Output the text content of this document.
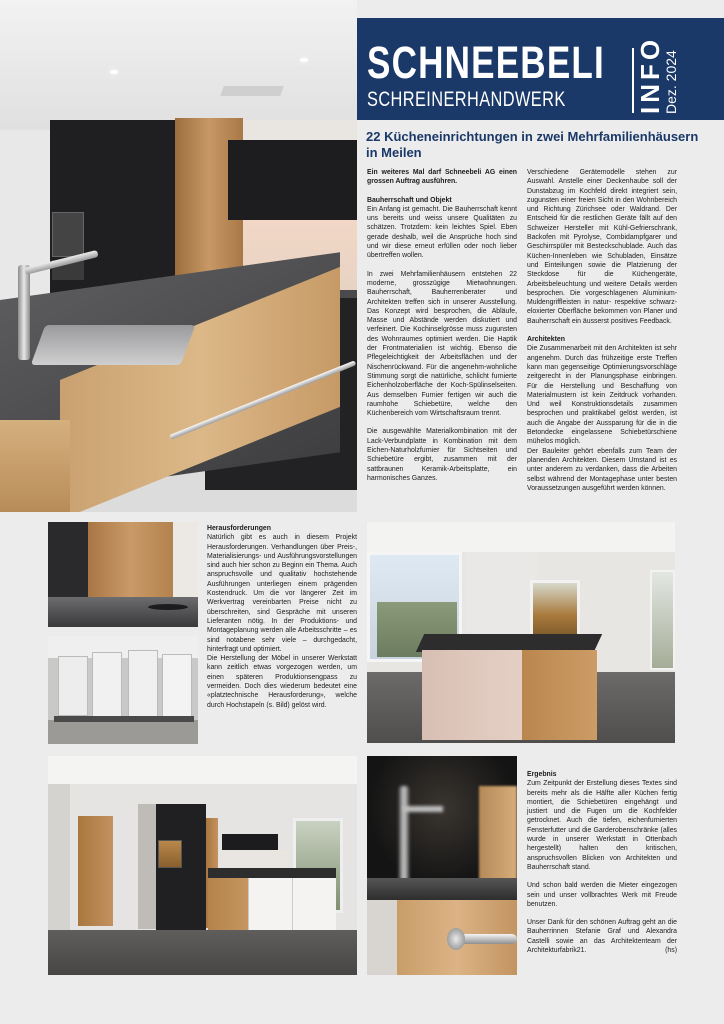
SCHNEEBELI
SCHREINERHANDWERK	INFO
Dez. 2024
22 Kücheneinrichtungen in zwei Mehrfamilienhäusern in Meilen

Ein weiteres Mal darf Schneebeli AG einen grossen Auftrag ausführen.

Bauherrschaft und Objekt
Ein Anfang ist gemacht. Die Bauherrschaft kennt uns bereits und weiss unsere Qualitäten zu schätzen. Trotzdem: kein leichtes Spiel. Eben gerade deshalb, weil die Ansprüche hoch sind und wir diese erneut erfüllen oder noch lieber übertreffen wollen.

In zwei Mehrfamilienhäusern entstehen 22 moderne, grosszügige Mietwohnungen. Bauherrschaft, Bauherrenberater und Architekten treffen sich in unserer Ausstellung. Das Konzept wird besprochen, die Abläufe, Masse und Abstände werden diskutiert und verfeinert. Die Kochinselgrösse muss zugunsten des Wohnraumes optimiert werden. Die Haptik der Frontmaterialien ist wichtig. Ebenso die Pflegeleichtigkeit der Arbeitsflächen und der Nischenrückwand. Für die angenehm-wohnliche Stimmung sorgt die natürliche, schlicht furnierte Eichenholzoberfläche der Koch-Spülinselseiten. Aus demselben Furnier fertigen wir auch die raumhohe Schiebetüre, welche den Küchenbereich vom Wirtschaftsraum trennt.

Die ausgewählte Materialkombination mit der Lack-Verbundplatte in Kombination mit dem Eichen-Naturholzfurnier für Sichtseiten und Schiebetüre ergibt, zusammen mit der sattbraunen Keramik-Arbeitsplatte, ein harmonisches Ganzes.

Verschiedene Gerätemodelle stehen zur Auswahl. Anstelle einer Deckenhaube soll der Dunstabzug im Kochfeld direkt integriert sein, zugunsten einer freien Sicht in den Wohnbereich und Richtung Zürichsee oder Waldrand. Der Entscheid für die restlichen Geräte fällt auf den Schweizer Hersteller mit Kühl-Gefrierschrank, Backofen mit Pyrolyse, Combidampfgarer und Geschirrspüler mit Besteckschublade. Auch das Küchen-Innenleben wie Schubladen, Einsätze und Einteilungen sowie die Platzierung der Steckdose für die Küchengeräte, Arbeitsbeleuchtung und weitere Details werden besprochen. Die vorgeschlagenen Aluminium-Muldengriffleisten in natur- respektive schwarz-eloxierter Oberfläche bekommen von Planer und Bauherrschaft ein äusserst positives Feedback.

Architekten
Die Zusammenarbeit mit den Architekten ist sehr angenehm. Durch das frühzeitige erste Treffen kann man gegenseitige Optimierungsvorschläge zeitgerecht in der Planungsphase einbringen. Für die Herstellung und Beschaffung von Materialmustern ist kein Zeitdruck vorhanden. Und weil Konstruktionsdetails zusammen besprochen und praktikabel gelöst werden, ist auch die Angabe der Aussparung für die in die Betondecke eingelassene Schiebetürschiene mühelos möglich.

Der Bauleiter gehört ebenfalls zum Team der planenden Architekten. Diesem Umstand ist es unter anderem zu verdanken, dass die Arbeiten selbst während der Montagephase unter besten Voraussetzungen ausgeführt werden können.

Herausforderungen

Natürlich gibt es auch in diesem Projekt Herausforderungen. Verhandlungen über Preis-, Materialisierungs- und Ausführungsvorstellungen sind auch hier schon zu Beginn ein Thema. Auch anspruchsvolle und qualitativ hochstehende Ausführungen unterliegen einem prägenden Kostendruck. Um die vor längerer Zeit im Werkvertrag vereinbarten Preise nicht zu überschreiten, sind Gespräche mit unseren Lieferanten nötig. In der Produktions- und Montageplanung werden alle Arbeitsschritte – es sind notabene sehr viele – durchgedacht, hinterfragt und optimiert.

Die Herstellung der Möbel in unserer Werkstatt kann zeitlich etwas vorgezogen werden, um einen späteren Produktionsengpass zu vermeiden. Doch dies wiederum bedeutet eine «platztechnische Herausforderung», welche durch Hochstapeln (s. Bild) gelöst wird.

Ergebnis

Zum Zeitpunkt der Erstellung dieses Textes sind bereits mehr als die Hälfte aller Küchen fertig montiert, die Schiebetüren eingehängt und justiert und die Fugen um die Kochfelder getrocknet. Auch die tiefen, eichenfurnierten Fensterfutter und die Garderobenschränke (alles wurde in unserer Werkstatt in Ottenbach hergestellt) halten den kritischen, anspruchsvollen Blicken von Architekten und Bauherrschaft stand.

Und schon bald werden die Mieter eingezogen sein und unser vollbrachtes Werk mit Freude benutzen.

Unser Dank für den schönen Auftrag geht an die Bauherrinnen Stefanie Graf und Alexandra Castelli sowie an das Architektenteam der Architekturfabrik21.	(hs)
